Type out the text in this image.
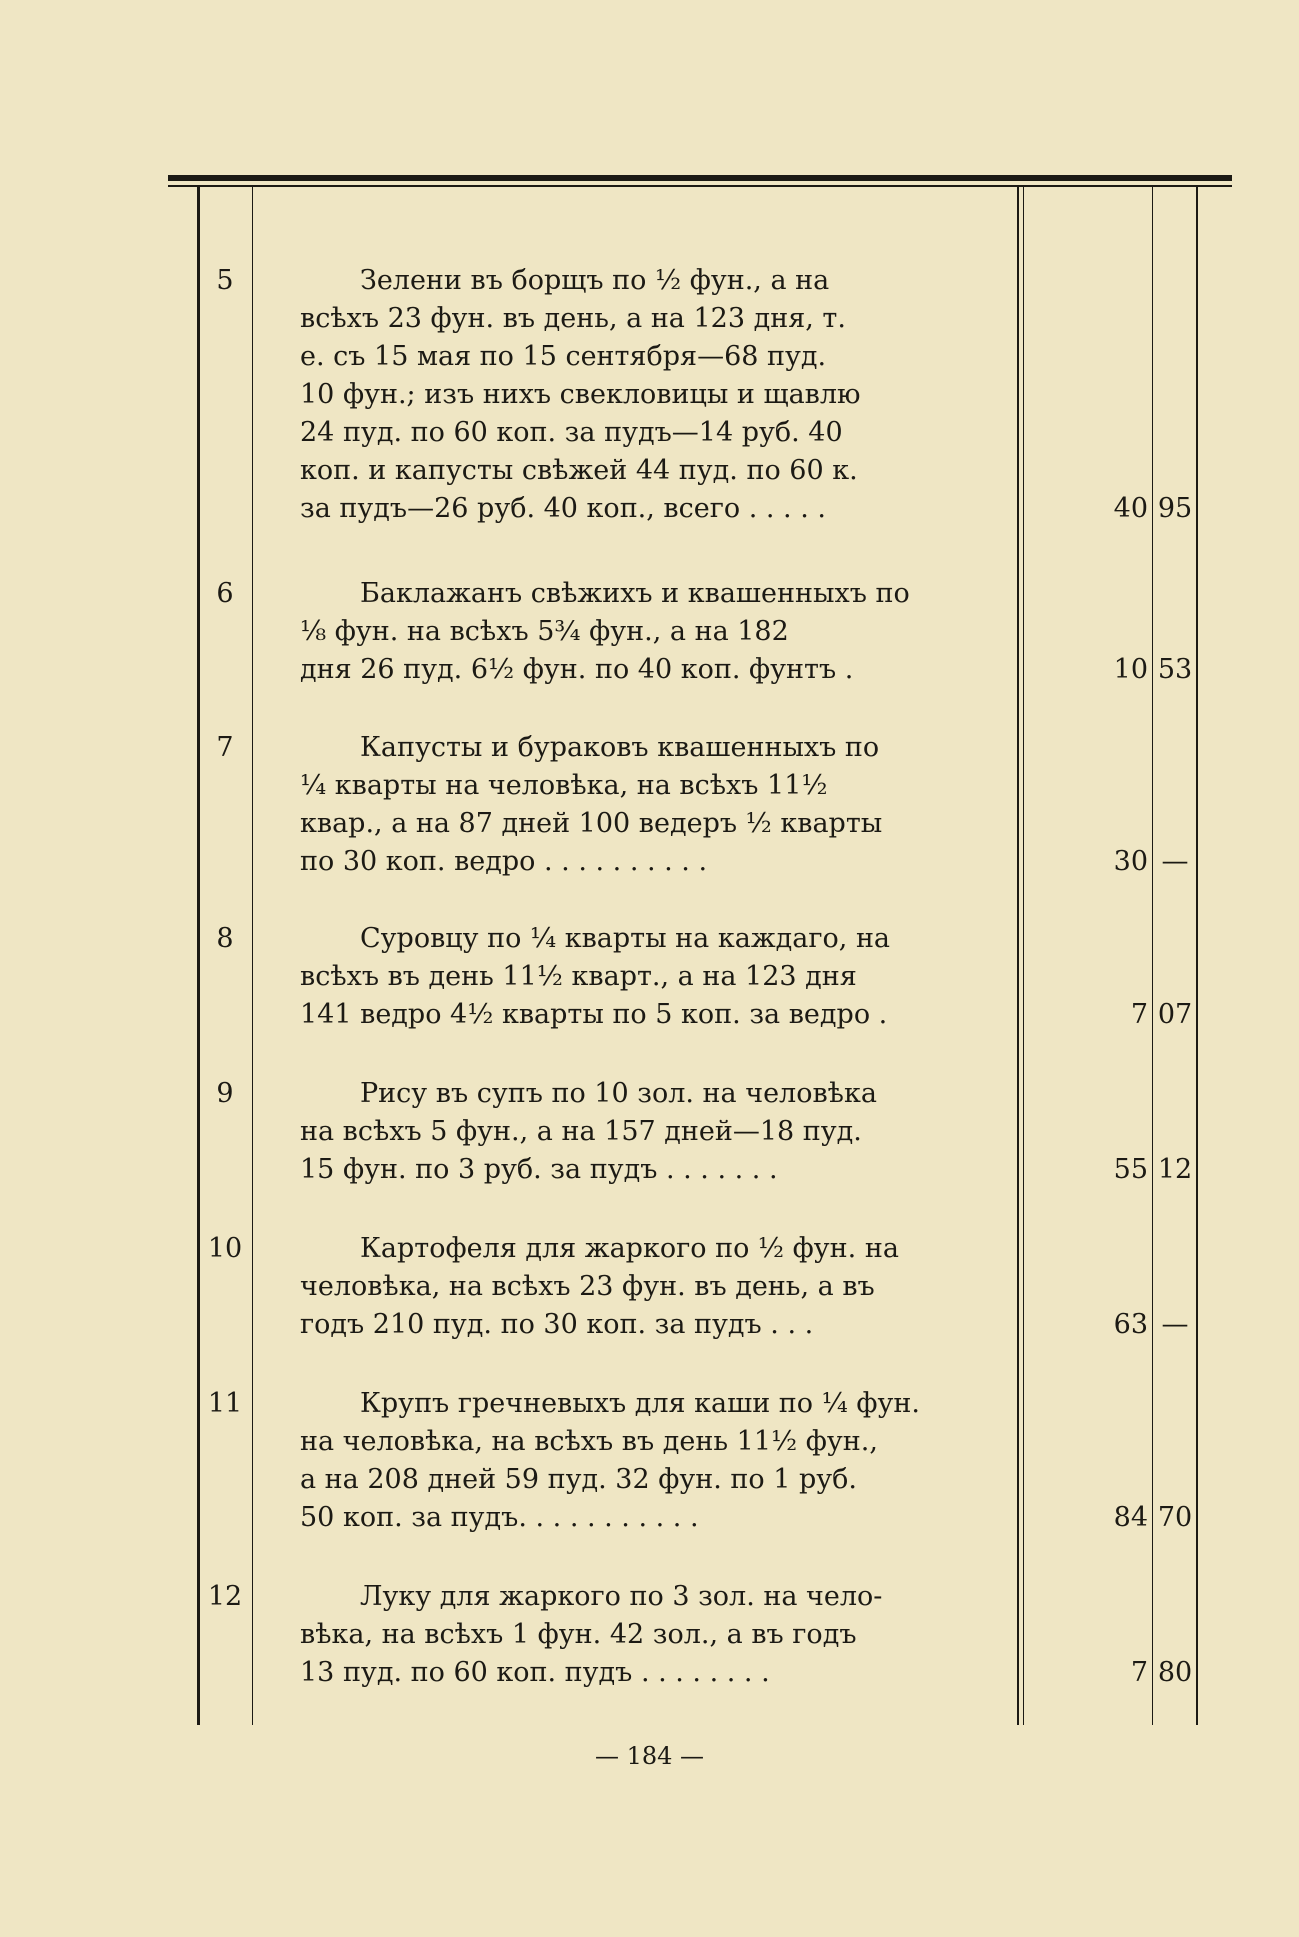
5	Зелени въ борщъ по ½ фун., а на
всѣхъ 23 фун. въ день, а на 123 дня, т.
е. съ 15 мая по 15 сентября—68 пуд.
10 фун.; изъ нихъ свекловицы и щавлю
24 пуд. по 60 коп. за пудъ—14 руб. 40
коп. и капусты свѣжей 44 пуд. по 60 к.
за пудъ—26 руб. 40 коп., всего . . . . .	40 95
6	Баклажанъ свѣжихъ и квашенныхъ по
⅛ фун. на всѣхъ 5¾ фун., а на 182
дня 26 пуд. 6½ фун. по 40 коп. фунтъ .	10 53
7	Капусты и бураковъ квашенныхъ по
¼ кварты на человѣка, на всѣхъ 11½
квар., а на 87 дней 100 ведеръ ½ кварты
по 30 коп. ведро . . . . . . . . . .	30 —
8	Суровцу по ¼ кварты на каждаго, на
всѣхъ въ день 11½ кварт., а на 123 дня
141 ведро 4½ кварты по 5 коп. за ведро .	7 07
9	Рису въ супъ по 10 зол. на человѣка
на всѣхъ 5 фун., а на 157 дней—18 пуд.
15 фун. по 3 руб. за пудъ . . . . . . .	55 12
10	Картофеля для жаркого по ½ фун. на
человѣка, на всѣхъ 23 фун. въ день, а въ
годъ 210 пуд. по 30 коп. за пудъ . . .	63 —
11	Крупъ гречневыхъ для каши по ¼ фун.
на человѣка, на всѣхъ въ день 11½ фун.,
а на 208 дней 59 пуд. 32 фун. по 1 руб.
50 коп. за пудъ. . . . . . . . . . .	84 70
12	Луку для жаркого по 3 зол. на чело-
вѣка, на всѣхъ 1 фун. 42 зол., а въ годъ
13 пуд. по 60 коп. пудъ . . . . . . . .	7 80
— 184 —
